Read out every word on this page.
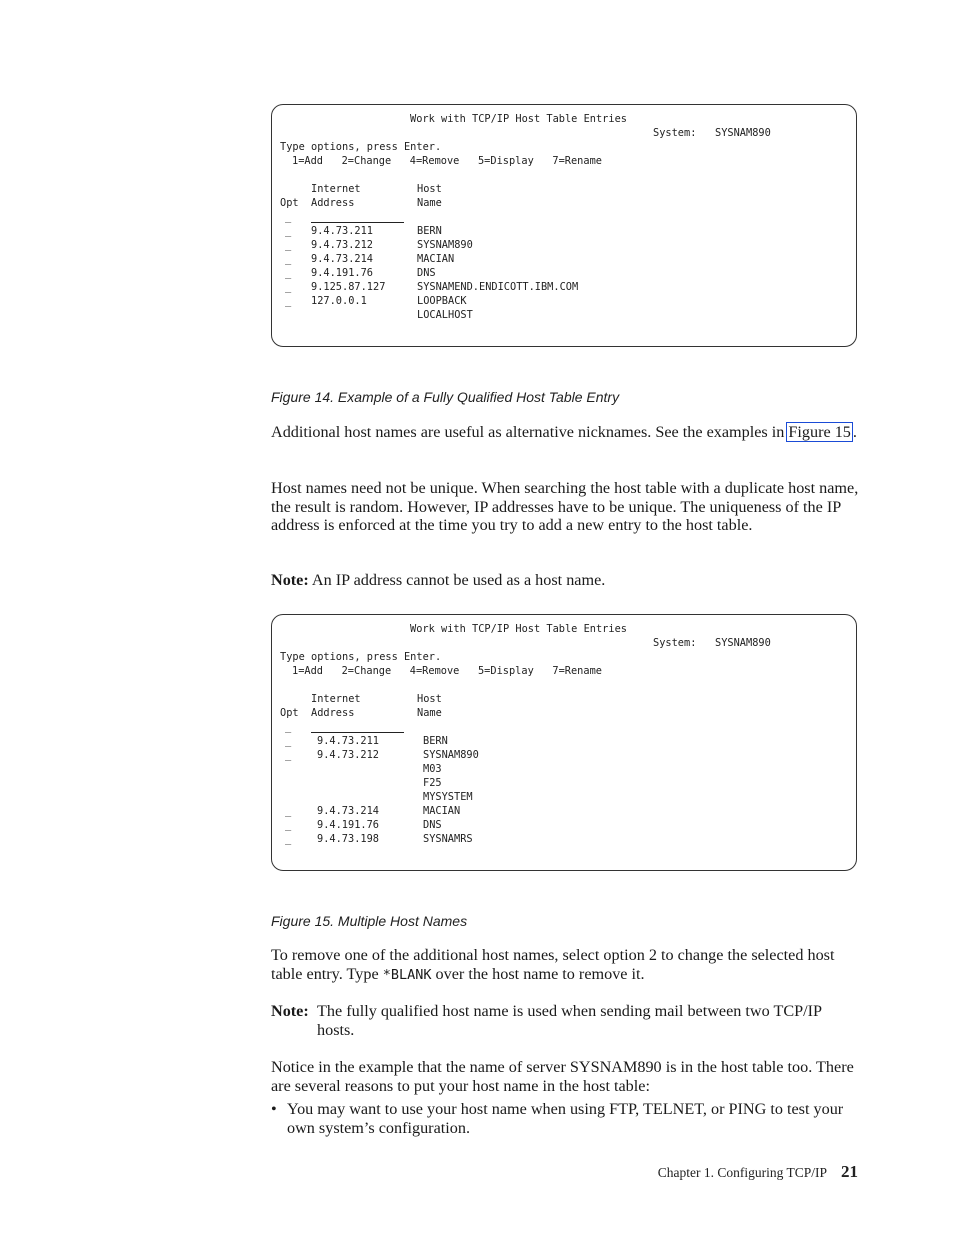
Work with TCP/IP Host Table Entries
System: SYSNAM890
Type options, press Enter.
1=Add   2=Change   4=Remove   5=Display   7=Rename
Internet	Host
Opt Address	Name
_
_ 9.4.73.211	BERN
_ 9.4.73.212	SYSNAM890
_ 9.4.73.214	MACIAN
_ 9.4.191.76	DNS
_ 9.125.87.127	SYSNAMEND.ENDICOTT.IBM.COM
_ 127.0.0.1	LOOPBACK
LOCALHOST

Figure 14. Example of a Fully Qualified Host Table Entry

Additional host names are useful as alternative nicknames. See the examples in Figure 15 .

Host names need not be unique. When searching the host table with a duplicate host name, the result is random. However, IP addresses have to be unique. The uniqueness of the IP address is enforced at the time you try to add a new entry to the host table.

Note: An IP address cannot be used as a host name.

Work with TCP/IP Host Table Entries
System: SYSNAM890
Type options, press Enter.
1=Add   2=Change   4=Remove   5=Display   7=Rename
Internet	Host
Opt Address	Name
_
_	9.4.73.211	BERN
_	9.4.73.212	SYSNAM890
M03
F25
MYSYSTEM
_	9.4.73.214	MACIAN
_	9.4.191.76	DNS
_	9.4.73.198	SYSNAMRS

Figure 15. Multiple Host Names

To remove one of the additional host names, select option 2 to change the selected host table entry. Type *BLANK over the host name to remove it.

Note: The fully qualified host name is used when sending mail between two TCP/IP hosts.

Notice in the example that the name of server SYSNAM890 is in the host table too. There are several reasons to put your host name in the host table:

• You may want to use your host name when using FTP, TELNET, or PING to test your own system’s configuration.
Chapter 1. Configuring TCP/IP 21
